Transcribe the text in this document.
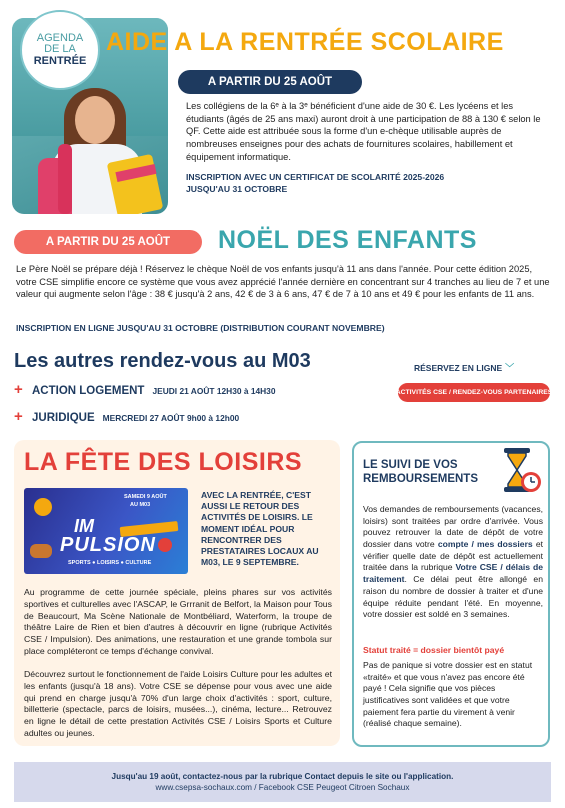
AGENDA
DE LA
RENTRÉE
AIDE A LA RENTRÉE SCOLAIRE
A PARTIR DU 25 AOÛT
Les collégiens de la 6ᵉ à la 3ᵉ bénéficient d'une aide de 30 €. Les lycéens et les étudiants (âgés de 25 ans maxi) auront droit à une participation de 88 à 130 € selon le QF. Cette aide est attribuée sous la forme d'un e-chèque utilisable auprès de nombreuses enseignes pour des achats de fournitures scolaires, habillement et équipement informatique.
INSCRIPTION AVEC UN CERTIFICAT DE SCOLARITÉ 2025-2026
JUSQU'AU 31 OCTOBRE
A PARTIR DU 25 AOÛT	NOËL DES ENFANTS
Le Père Noël se prépare déjà ! Réservez le chèque Noël de vos enfants jusqu'à 11 ans dans l'année. Pour cette édition 2025, votre CSE simplifie encore ce système que vous avez apprécié l'année dernière en concentrant sur 4 tranches au lieu de 7 et une valeur qui augmente selon l'âge : 38 € jusqu'à 2 ans, 42 € de 3 à 6 ans, 47 € de 7 à 10 ans et 49 € pour les enfants de 11 ans.
INSCRIPTION EN LIGNE JUSQU'AU 31 OCTOBRE (DISTRIBUTION COURANT NOVEMBRE)
Les autres rendez-vous au M03	RÉSERVEZ EN LIGNE ﹀
+ ACTION LOGEMENT JEUDI 21 AOÛT 12H30 à 14H30
+ JURIDIQUE MERCREDI 27 AOÛT 9h00 à 12h00
ACTIVITÉS CSE / RENDEZ-VOUS PARTENAIRES
LA FÊTE DES LOISIRS
SAMEDI 9 AOÛT
AU M03
IM
PULSION
SPORTS ● LOISIRS ● CULTURE
AVEC LA RENTRÉE, C'EST AUSSI LE RETOUR DES ACTIVITÉS DE LOISIRS. LE MOMENT IDÉAL POUR RENCONTRER DES PRESTATAIRES LOCAUX AU M03, LE 9 SEPTEMBRE.
Au programme de cette journée spéciale, pleins phares sur vos activités sportives et culturelles avec l'ASCAP, le Grrranit de Belfort, la Maison pour Tous de Beaucourt, Ma Scène Nationale de Montbéliard, Waterform, la troupe de théâtre Laire de Rien et bien d'autres à découvrir en ligne (rubrique Activités CSE / Impulsion). Des animations, une restauration et une grande tombola sur place compléteront ce temps d'échange convival.
Découvrez surtout le fonctionnement de l'aide Loisirs Culture pour les adultes et les enfants (jusqu'à 18 ans). Votre CSE se dépense pour vous avec une aide qui prend en charge jusqu'à 70% d'un large choix d'activités : sport, culture, billetterie (spectacle, parcs de loisirs, musées...), cinéma, lecture... Retrouvez en ligne le détail de cette prestation Activités CSE / Loisirs Sports et Culture adultes ou jeunes.
LE SUIVI DE VOS REMBOURSEMENTS
Vos demandes de remboursements (vacances, loisirs) sont traitées par ordre d'arrivée. Vous pouvez retrouver la date de dépôt de votre dossier dans votre compte / mes dossiers et vérifier quelle date de dépôt est actuellement traitée dans la rubrique Votre CSE / délais de traitement. Ce délai peut être allongé en raison du nombre de dossier à traiter et d'une équipe réduite pendant l'été. En moyenne, votre dossier est soldé en 3 semaines.
Statut traité = dossier bientôt payé
Pas de panique si votre dossier est en statut «traité» et que vous n'avez pas encore été payé ! Cela signifie que vos pièces justificatives sont validées et que votre paiement fera partie du virement à venir (réalisé chaque semaine).
Jusqu'au 19 août, contactez-nous par la rubrique Contact depuis le site ou l'application.
www.csepsa-sochaux.com / Facebook CSE Peugeot Citroen Sochaux
